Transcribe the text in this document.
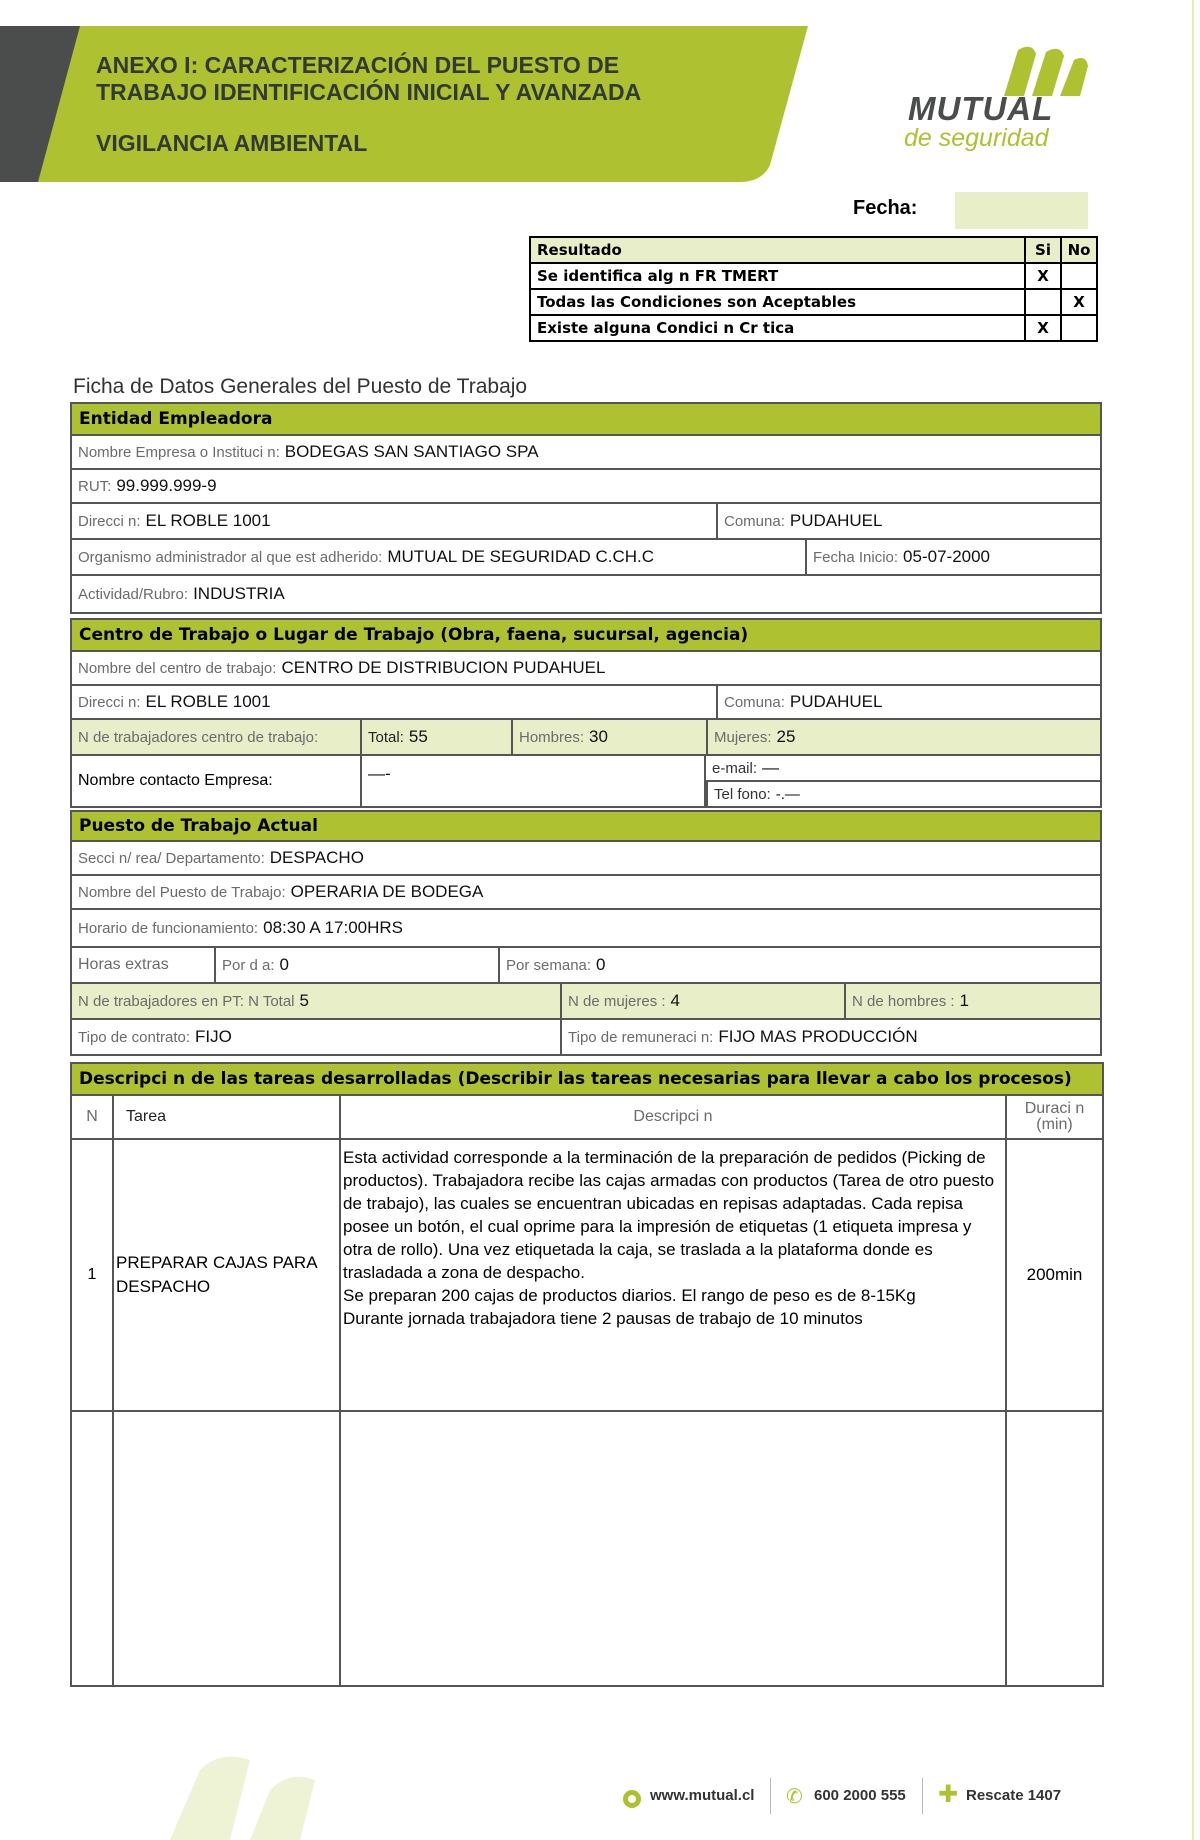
ANEXO I: CARACTERIZACIÓN DEL PUESTO DE TRABAJO IDENTIFICACIÓN INICIAL Y AVANZADA
VIGILANCIA AMBIENTAL
MUTUAL
de seguridad
Fecha:
Resultado	Si	No
Se identifica alg n FR TMERT	X	
Todas las Condiciones son Aceptables		X
Existe alguna Condici n Cr tica	X	
Ficha de Datos Generales del Puesto de Trabajo
Entidad Empleadora
Nombre Empresa o Instituci n: BODEGAS SAN SANTIAGO SPA
RUT: 99.999.999-9
Direcci n: EL ROBLE 1001	Comuna: PUDAHUEL
Organismo administrador al que est adherido: MUTUAL DE SEGURIDAD C.CH.C	Fecha Inicio: 05-07-2000
Actividad/Rubro: INDUSTRIA
Centro de Trabajo o Lugar de Trabajo (Obra, faena, sucursal, agencia)
Nombre del centro de trabajo: CENTRO DE DISTRIBUCION PUDAHUEL
Direcci n: EL ROBLE 1001	Comuna: PUDAHUEL
N de trabajadores centro de trabajo:	Total: 55	Hombres: 30	Mujeres: 25
Nombre contacto Empresa:	—-	e-mail: —
Tel fono: -.—
Puesto de Trabajo Actual
Secci n/ rea/ Departamento: DESPACHO
Nombre del Puesto de Trabajo: OPERARIA DE BODEGA
Horario de funcionamiento: 08:30 A 17:00HRS
Horas extras	Por d a: 0	Por semana: 0
N de trabajadores en PT: N Total 5	N de mujeres : 4	N de hombres : 1
Tipo de contrato: FIJO	Tipo de remuneraci n: FIJO MAS PRODUCCIÓN
Descripci n de las tareas desarrolladas (Describir las tareas necesarias para llevar a cabo los procesos)
N	Tarea	Descripci n	Duraci n (min)
1	PREPARAR CAJAS PARA DESPACHO	Esta actividad corresponde a la terminación de la preparación de pedidos (Picking de productos). Trabajadora recibe las cajas armadas con productos (Tarea de otro puesto de trabajo), las cuales se encuentran ubicadas en repisas adaptadas. Cada repisa posee un botón, el cual oprime para la impresión de etiquetas (1 etiqueta impresa y otra de rollo). Una vez etiquetada la caja, se traslada a la plataforma donde es trasladada a zona de despacho.
Se preparan 200 cajas de productos diarios. El rango de peso es de 8-15Kg
Durante jornada trabajadora tiene 2 pausas de trabajo de 10 minutos	200min

www.mutual.cl ✆ 600 2000 555 ✚ Rescate 1407
